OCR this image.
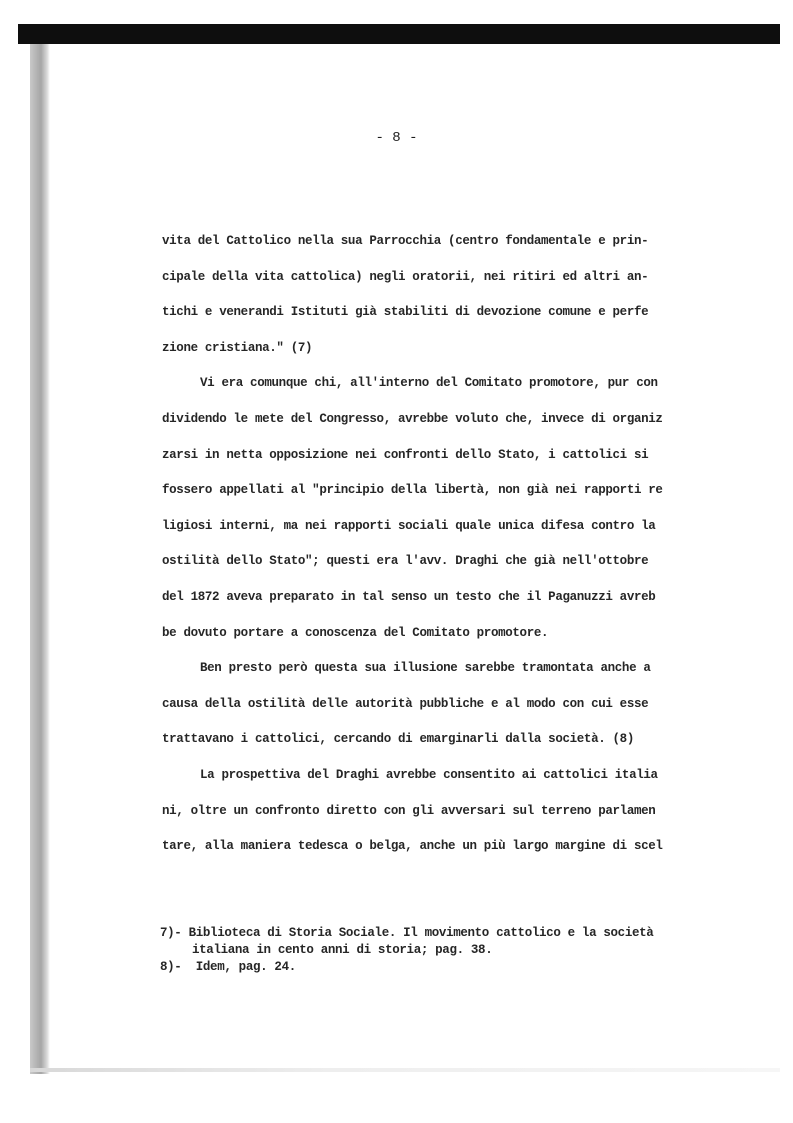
- 8 -

vita del Cattolico nella sua Parrocchia (centro fondamentale e prin-

cipale della vita cattolica) negli oratorii, nei ritiri ed altri an-

tichi e venerandi Istituti già stabiliti di devozione comune e perfe

zione cristiana." (7)

Vi era comunque chi, all'interno del Comitato promotore, pur con

dividendo le mete del Congresso, avrebbe voluto che, invece di organiz

zarsi in netta opposizione nei confronti dello Stato, i cattolici si

fossero appellati al "principio della libertà, non già nei rapporti re

ligiosi interni, ma nei rapporti sociali quale unica difesa contro la

ostilità dello Stato"; questi era l'avv. Draghi che già nell'ottobre

del 1872 aveva preparato in tal senso un testo che il Paganuzzi avreb

be dovuto portare a conoscenza del Comitato promotore.

Ben presto però questa sua illusione sarebbe tramontata anche a

causa della ostilità delle autorità pubbliche e al modo con cui esse

trattavano i cattolici, cercando di emarginarli dalla società. (8)

La prospettiva del Draghi avrebbe consentito ai cattolici italia

ni, oltre un confronto diretto con gli avversari sul terreno parlamen

tare, alla maniera tedesca o belga, anche un più largo margine di scel

7)- Biblioteca di Storia Sociale. Il movimento cattolico e la società

italiana in cento anni di storia; pag. 38.

8)-  Idem, pag. 24.
